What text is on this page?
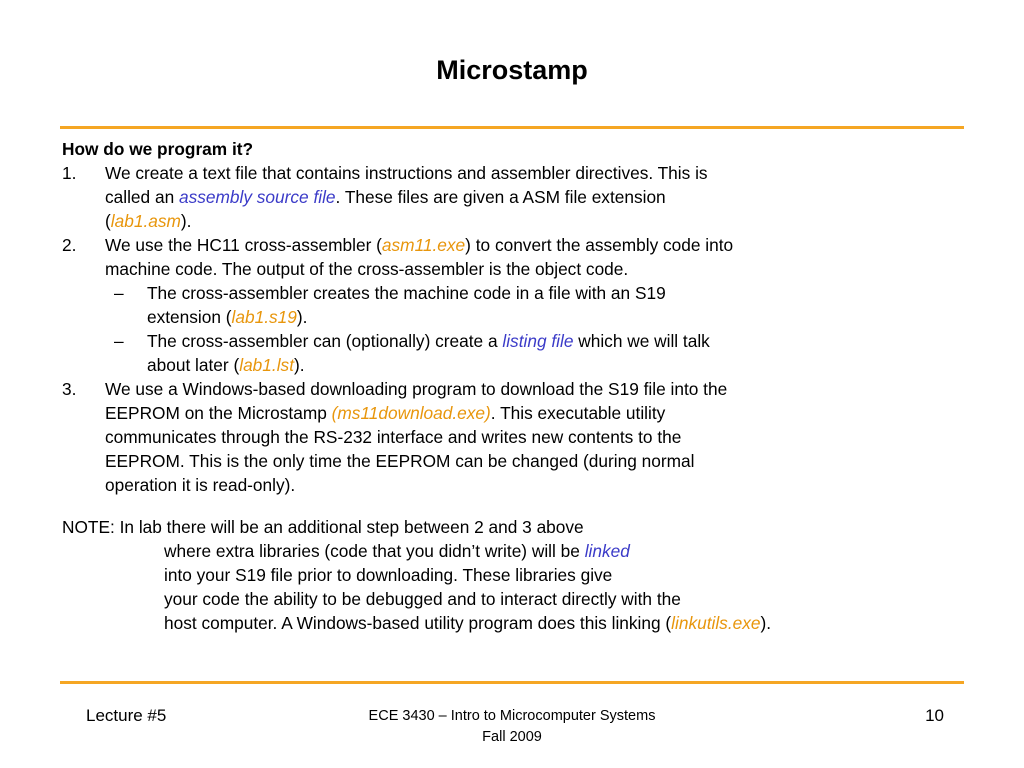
Microstamp
How do we program it?
1. We create a text file that contains instructions and assembler directives. This is
called an assembly source file. These files are given a ASM file extension
(lab1.asm).
2. We use the HC11 cross-assembler (asm11.exe) to convert the assembly code into
machine code. The output of the cross-assembler is the object code.
– The cross-assembler creates the machine code in a file with an S19
extension (lab1.s19).
– The cross-assembler can (optionally) create a listing file which we will talk
about later (lab1.lst).
3. We use a Windows-based downloading program to download the S19 file into the
EEPROM on the Microstamp (ms11download.exe). This executable utility
communicates through the RS-232 interface and writes new contents to the
EEPROM. This is the only time the EEPROM can be changed (during normal
operation it is read-only).
NOTE: In lab there will be an additional step between 2 and 3 above
where extra libraries (code that you didn’t write) will be linked
into your S19 file prior to downloading. These libraries give
your code the ability to be debugged and to interact directly with the
host computer. A Windows-based utility program does this linking (linkutils.exe).
Lecture #5	ECE 3430 – Intro to Microcomputer Systems
Fall 2009
10
